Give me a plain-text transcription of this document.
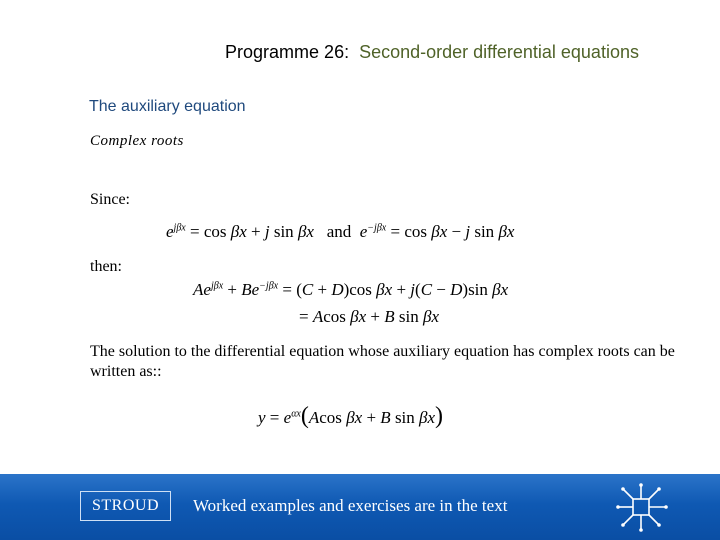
Programme 26: Second-order differential equations
The auxiliary equation
Complex roots
Since:
$e^{j\beta x} = \cos \beta x + j$ sin βx   and  $e^{-j\beta x} = \cos \beta x - j$ sin βx
then:
$Ae^{j\beta x} + Be^{-j\beta x} = (C + D)\cos$ βx + j(C − D)sin βx
= Acos βx + B sin βx
The solution to the differential equation whose auxiliary equation has complex roots can be written as::
$y = e^{\alpha x}(Acos$ βx + B sin βx)
STROUD	Worked examples and exercises are in the text
